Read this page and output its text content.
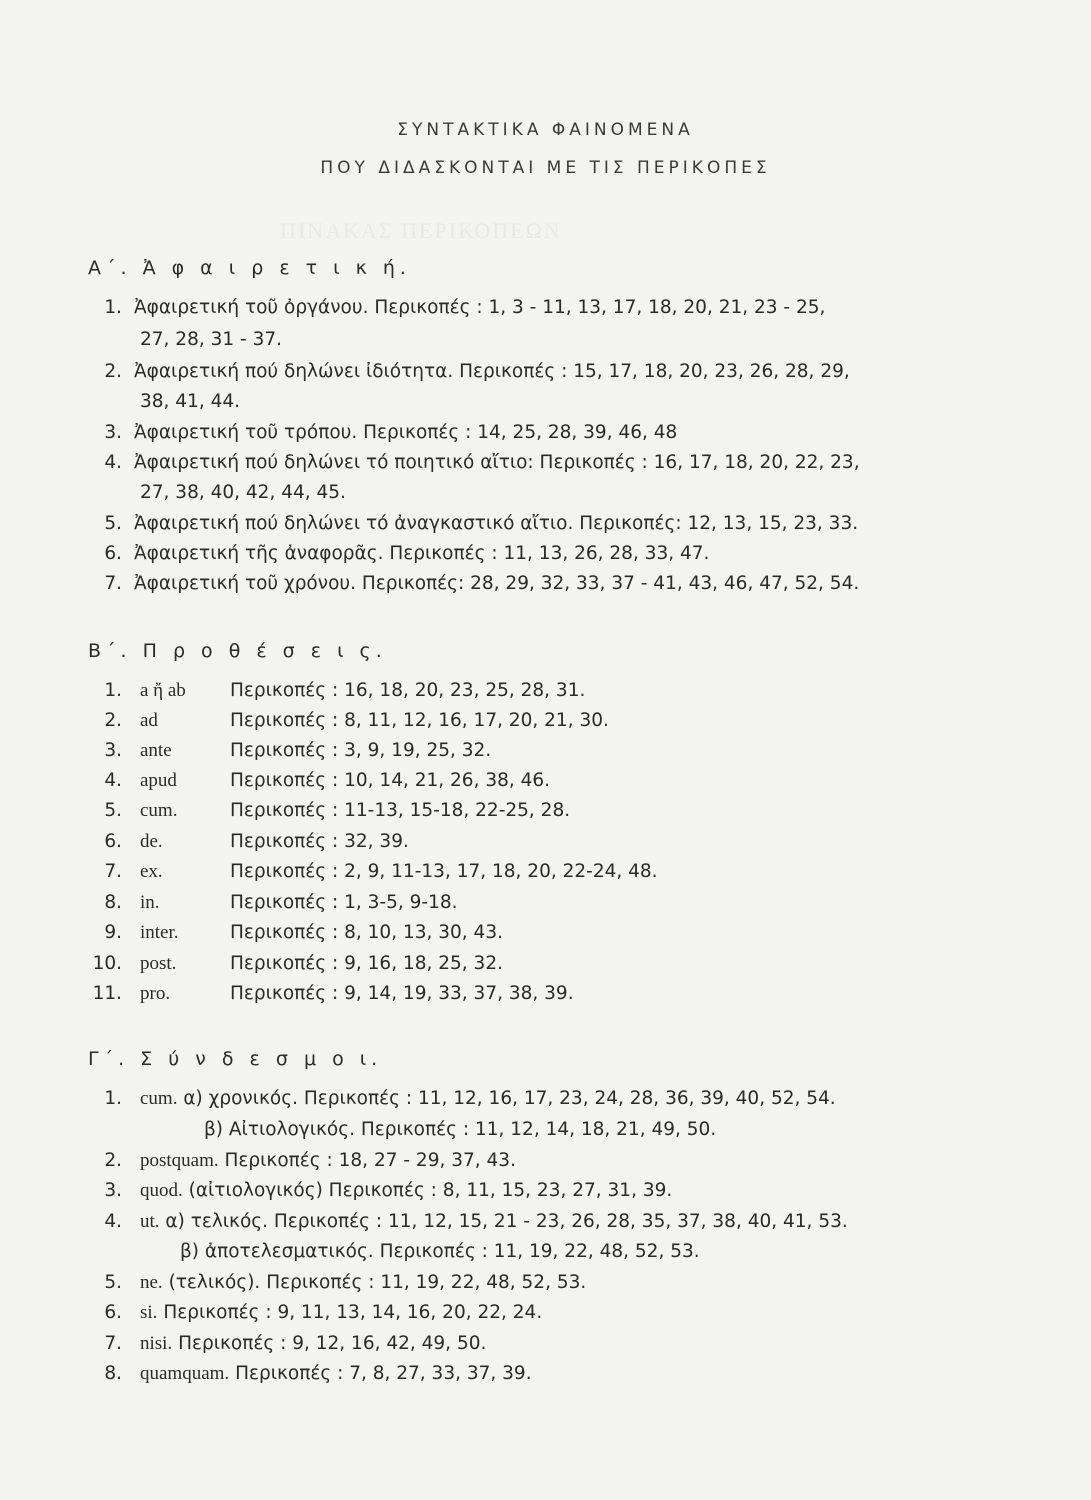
ΠΙΝΑΚΑΣ ΠΕΡΙΚΟΠΕΩΝ
ΣΥΝΤΑΚΤΙΚΑ ΦΑΙΝΟΜΕΝΑ
ΠΟΥ ΔΙΔΑΣΚΟΝΤΑΙ ΜΕ ΤΙΣ ΠΕΡΙΚΟΠΕΣ
Α΄. Ἀ φ α ι ρ ε τ ι κ ή.
1. Ἀφαιρετική τοῦ ὀργάνου. Περικοπές : 1, 3 - 11, 13, 17, 18, 20, 21, 23 - 25,
27, 28, 31 - 37.
2. Ἀφαιρετική πού δηλώνει ἰδιότητα. Περικοπές : 15, 17, 18, 20, 23, 26, 28, 29,
38, 41, 44.
3. Ἀφαιρετική τοῦ τρόπου. Περικοπές : 14, 25, 28, 39, 46, 48
4. Ἀφαιρετική πού δηλώνει τό ποιητικό αἴτιο: Περικοπές : 16, 17, 18, 20, 22, 23,
27, 38, 40, 42, 44, 45.
5. Ἀφαιρετική πού δηλώνει τό ἀναγκαστικό αἴτιο. Περικοπές: 12, 13, 15, 23, 33.
6. Ἀφαιρετική τῆς ἀναφορᾶς. Περικοπές : 11, 13, 26, 28, 33, 47.
7. Ἀφαιρετική τοῦ χρόνου. Περικοπές: 28, 29, 32, 33, 37 - 41, 43, 46, 47, 52, 54.
Β΄. Π ρ ο θ έ σ ε ι ς.
1. a ἤ ab Περικοπές : 16, 18, 20, 23, 25, 28, 31.
2. ad	Περικοπές : 8, 11, 12, 16, 17, 20, 21, 30.
3. ante	Περικοπές : 3, 9, 19, 25, 32.
4. apud	Περικοπές : 10, 14, 21, 26, 38, 46.
5. cum.	Περικοπές : 11-13, 15-18, 22-25, 28.
6. de.	Περικοπές : 32, 39.
7. ex.	Περικοπές : 2, 9, 11-13, 17, 18, 20, 22-24, 48.
8. in.	Περικοπές : 1, 3-5, 9-18.
9. inter.	Περικοπές : 8, 10, 13, 30, 43.
10. post.	Περικοπές : 9, 16, 18, 25, 32.
11. pro.	Περικοπές : 9, 14, 19, 33, 37, 38, 39.
Γ΄. Σ ύ ν δ ε σ μ ο ι.
1. cum. α) χρονικός. Περικοπές : 11, 12, 16, 17, 23, 24, 28, 36, 39, 40, 52, 54.
β) Αἰτιολογικός. Περικοπές : 11, 12, 14, 18, 21, 49, 50.
2. postquam. Περικοπές : 18, 27 - 29, 37, 43.
3. quod. (αἰτιολογικός) Περικοπές : 8, 11, 15, 23, 27, 31, 39.
4. ut. α) τελικός. Περικοπές : 11, 12, 15, 21 - 23, 26, 28, 35, 37, 38, 40, 41, 53.
β) ἀποτελεσματικός. Περικοπές : 11, 19, 22, 48, 52, 53.
5. ne. (τελικός). Περικοπές : 11, 19, 22, 48, 52, 53.
6. si. Περικοπές : 9, 11, 13, 14, 16, 20, 22, 24.
7. nisi. Περικοπές : 9, 12, 16, 42, 49, 50.
8. quamquam. Περικοπές : 7, 8, 27, 33, 37, 39.
